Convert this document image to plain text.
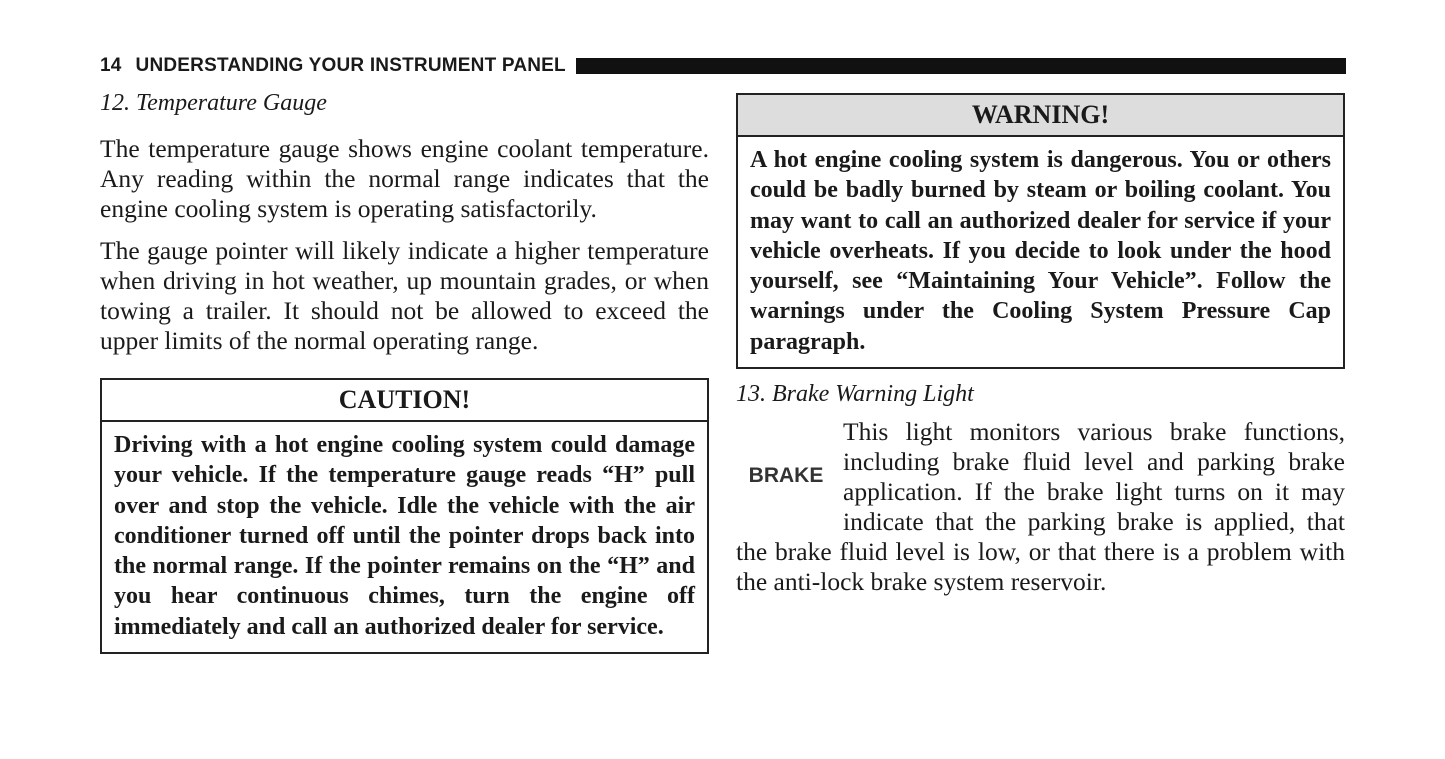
14 UNDERSTANDING YOUR INSTRUMENT PANEL
12. Temperature Gauge

The temperature gauge shows engine coolant temperature. Any reading within the normal range indicates that the engine cooling system is operating satisfactorily.

The gauge pointer will likely indicate a higher temperature when driving in hot weather, up mountain grades, or when towing a trailer. It should not be allowed to exceed the upper limits of the normal operating range.

CAUTION!
Driving with a hot engine cooling system could damage your vehicle. If the temperature gauge reads “H” pull over and stop the vehicle. Idle the vehicle with the air conditioner turned off until the pointer drops back into the normal range. If the pointer remains on the “H” and you hear continuous chimes, turn the engine off immediately and call an authorized dealer for service.
WARNING!
A hot engine cooling system is dangerous. You or others could be badly burned by steam or boiling coolant. You may want to call an authorized dealer for service if your vehicle overheats. If you decide to look under the hood yourself, see “Maintaining Your Vehicle”. Follow the warnings under the Cooling System Pressure Cap paragraph.
13. Brake Warning Light
BRAKE

This light monitors various brake functions, including brake fluid level and parking brake application. If the brake light turns on it may indicate that the parking brake is applied, that the brake fluid level is low, or that there is a problem with the anti-lock brake system reservoir.
